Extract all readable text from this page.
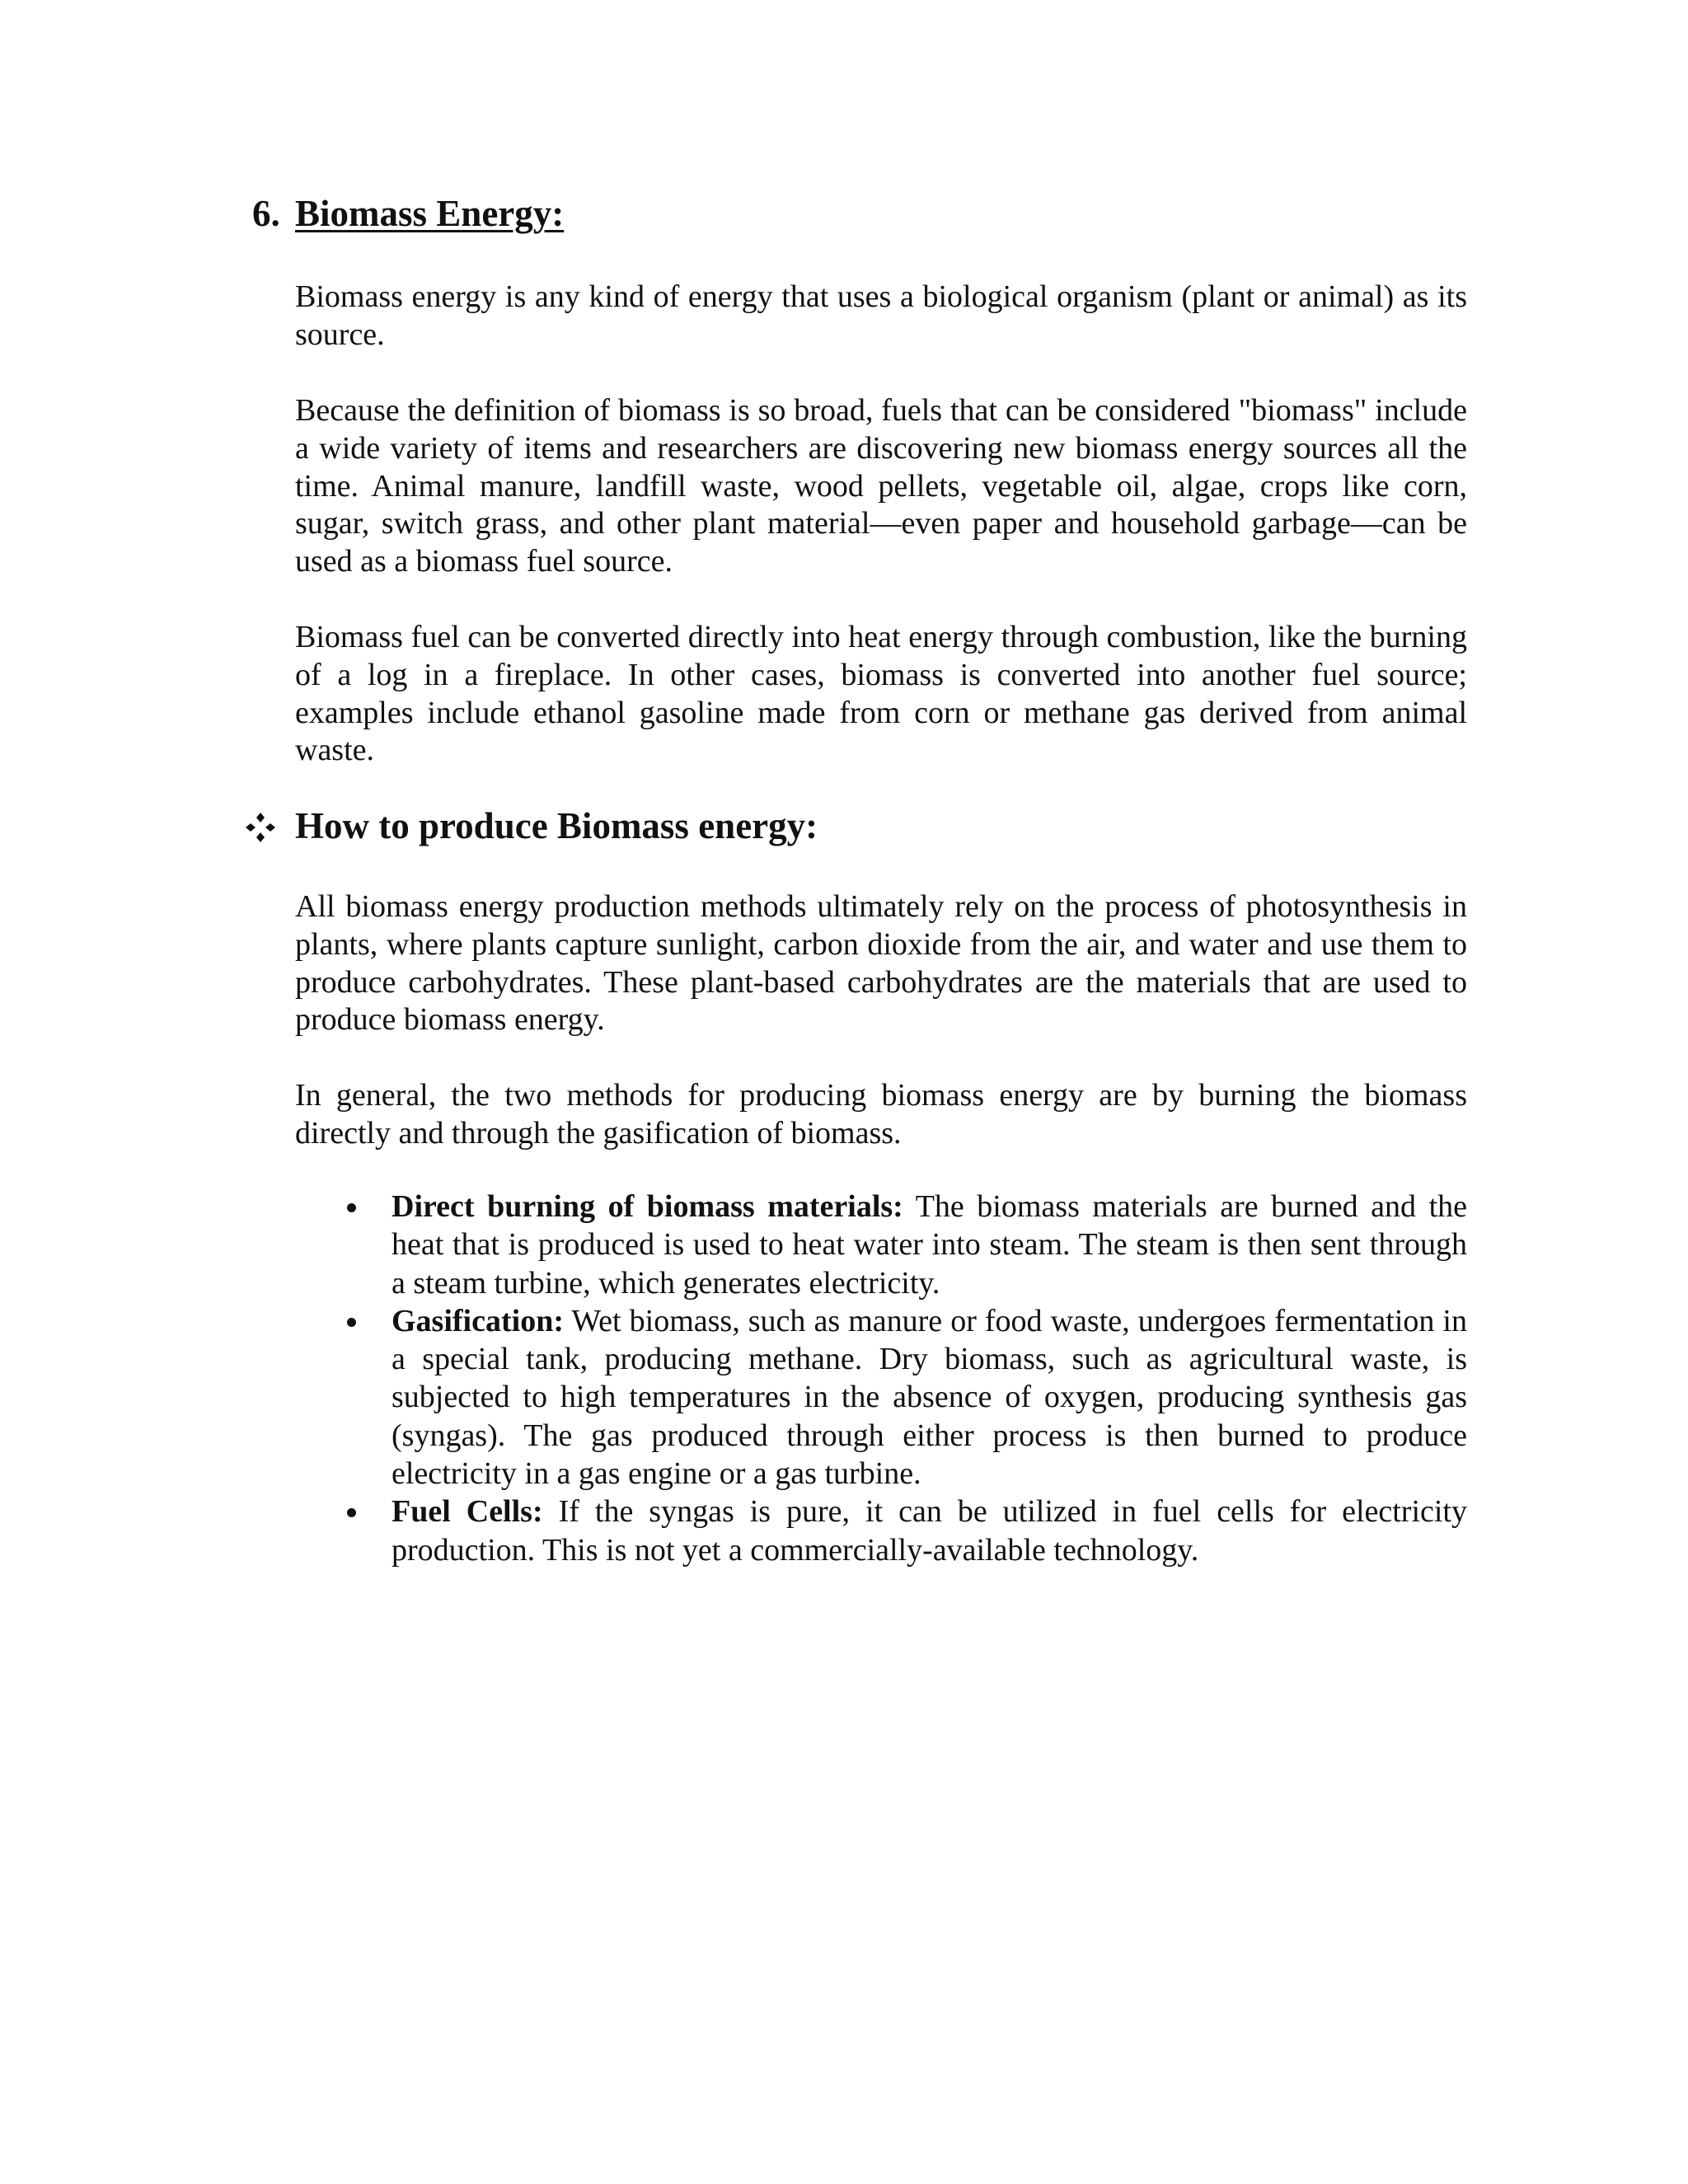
6. Biomass Energy:

Biomass energy is any kind of energy that uses a biological organism (plant or animal) as its source.

Because the definition of biomass is so broad, fuels that can be considered "biomass" include a wide variety of items and researchers are discovering new biomass energy sources all the time. Animal manure, landfill waste, wood pellets, vegetable oil, algae, crops like corn, sugar, switch grass, and other plant material—even paper and household garbage—can be used as a biomass fuel source.

Biomass fuel can be converted directly into heat energy through combustion, like the burning of a log in a fireplace. In other cases, biomass is converted into another fuel source; examples include ethanol gasoline made from corn or methane gas derived from animal waste.

How to produce Biomass energy:

All biomass energy production methods ultimately rely on the process of photosynthesis in plants, where plants capture sunlight, carbon dioxide from the air, and water and use them to produce carbohydrates. These plant-based carbohydrates are the materials that are used to produce biomass energy.

In general, the two methods for producing biomass energy are by burning the biomass directly and through the gasification of biomass.

Direct burning of biomass materials: The biomass materials are burned and the heat that is produced is used to heat water into steam. The steam is then sent through a steam turbine, which generates electricity.
Gasification: Wet biomass, such as manure or food waste, undergoes fermentation in a special tank, producing methane. Dry biomass, such as agricultural waste, is subjected to high temperatures in the absence of oxygen, producing synthesis gas (syngas). The gas produced through either process is then burned to produce electricity in a gas engine or a gas turbine.
Fuel Cells: If the syngas is pure, it can be utilized in fuel cells for electricity production. This is not yet a commercially-available technology.
